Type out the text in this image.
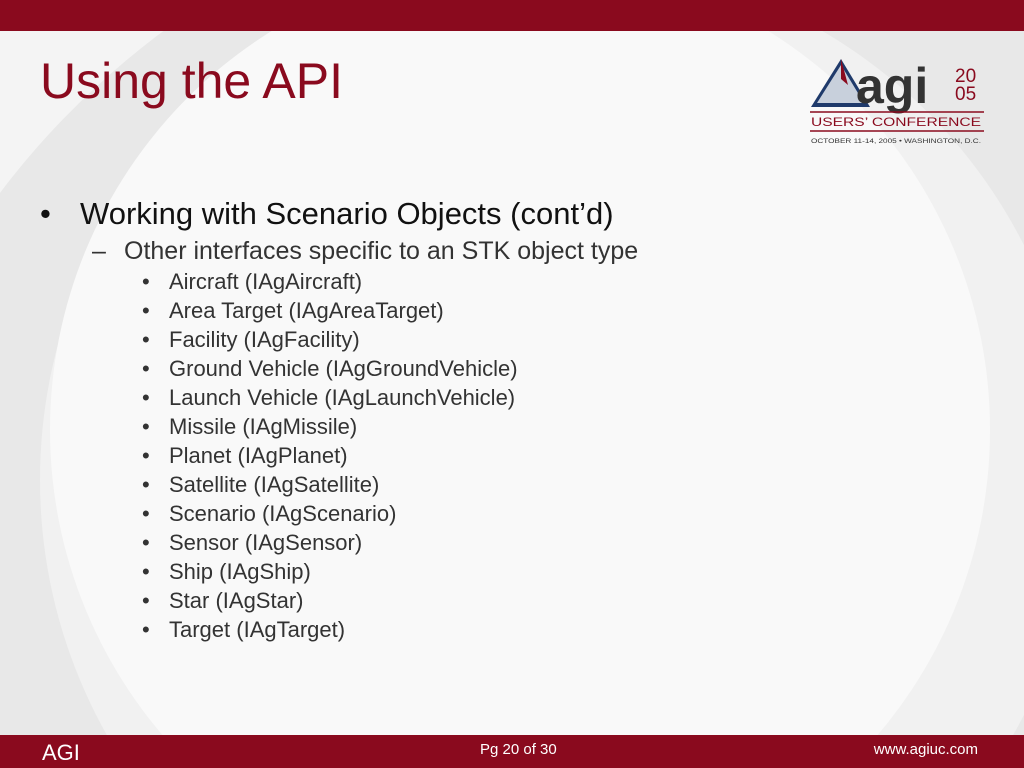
Using the API	agi 20
05
USERS’ CONFERENCE
OCTOBER 11-14, 2005 • WASHINGTON, D.C.
• Working with Scenario Objects (cont’d)
– Other interfaces specific to an STK object type
• Aircraft (IAgAircraft)
• Area Target (IAgAreaTarget)
• Facility (IAgFacility)
• Ground Vehicle (IAgGroundVehicle)
• Launch Vehicle (IAgLaunchVehicle)
• Missile (IAgMissile)
• Planet (IAgPlanet)
• Satellite (IAgSatellite)
• Scenario (IAgScenario)
• Sensor (IAgSensor)
• Ship (IAgShip)
• Star (IAgStar)
• Target (IAgTarget)
AGI	Pg 20 of 30	www.agiuc.com
